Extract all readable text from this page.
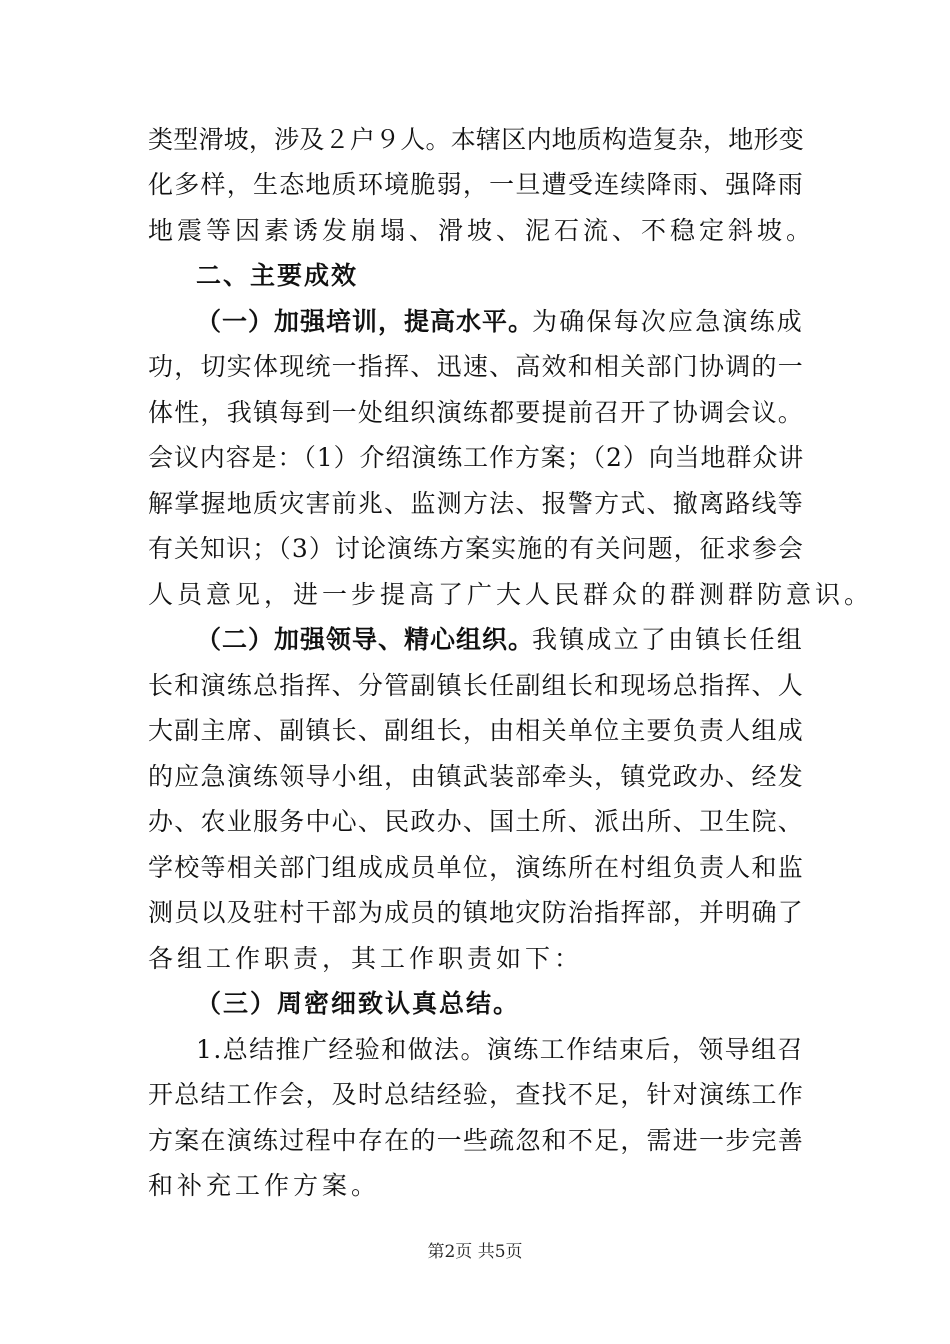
类型滑坡，涉及２户９人。本辖区内地质构造复杂，地形变
化多样，生态地质环境脆弱，一旦遭受连续降雨、强降雨
地震等因素诱发崩塌、滑坡、泥石流、不稳定斜坡。
二、主要成效
（一）加强培训，提高水平。
为确保每次应急演练成
功，切实体现统一指挥、迅速、高效和相关部门协调的一
体性，我镇每到一处组织演练都要提前召开了协调会议。
会议内容是：（1）介绍演练工作方案；（2）向当地群众讲
解掌握地质灾害前兆、监测方法、报警方式、撤离路线等
有关知识；（3）讨论演练方案实施的有关问题，征求参会
人员意见，进一步提高了广大人民群众的群测群防意识。
（二）加强领导、精心组织。
我镇成立了由镇长任组
长和演练总指挥、分管副镇长任副组长和现场总指挥、人
大副主席、副镇长、副组长，由相关单位主要负责人组成
的应急演练领导小组，由镇武装部牵头，镇党政办、经发
办、农业服务中心、民政办、国土所、派出所、卫生院、
学校等相关部门组成成员单位，演练所在村组负责人和监
测员以及驻村干部为成员的镇地灾防治指挥部，并明确了
各组工作职责，其工作职责如下：
（三）周密细致认真总结。
1.总结推广经验和做法。演练工作结束后，领导组召
开总结工作会，及时总结经验，查找不足，针对演练工作
方案在演练过程中存在的一些疏忽和不足，需进一步完善
和补充工作方案。
第2页 共5页
